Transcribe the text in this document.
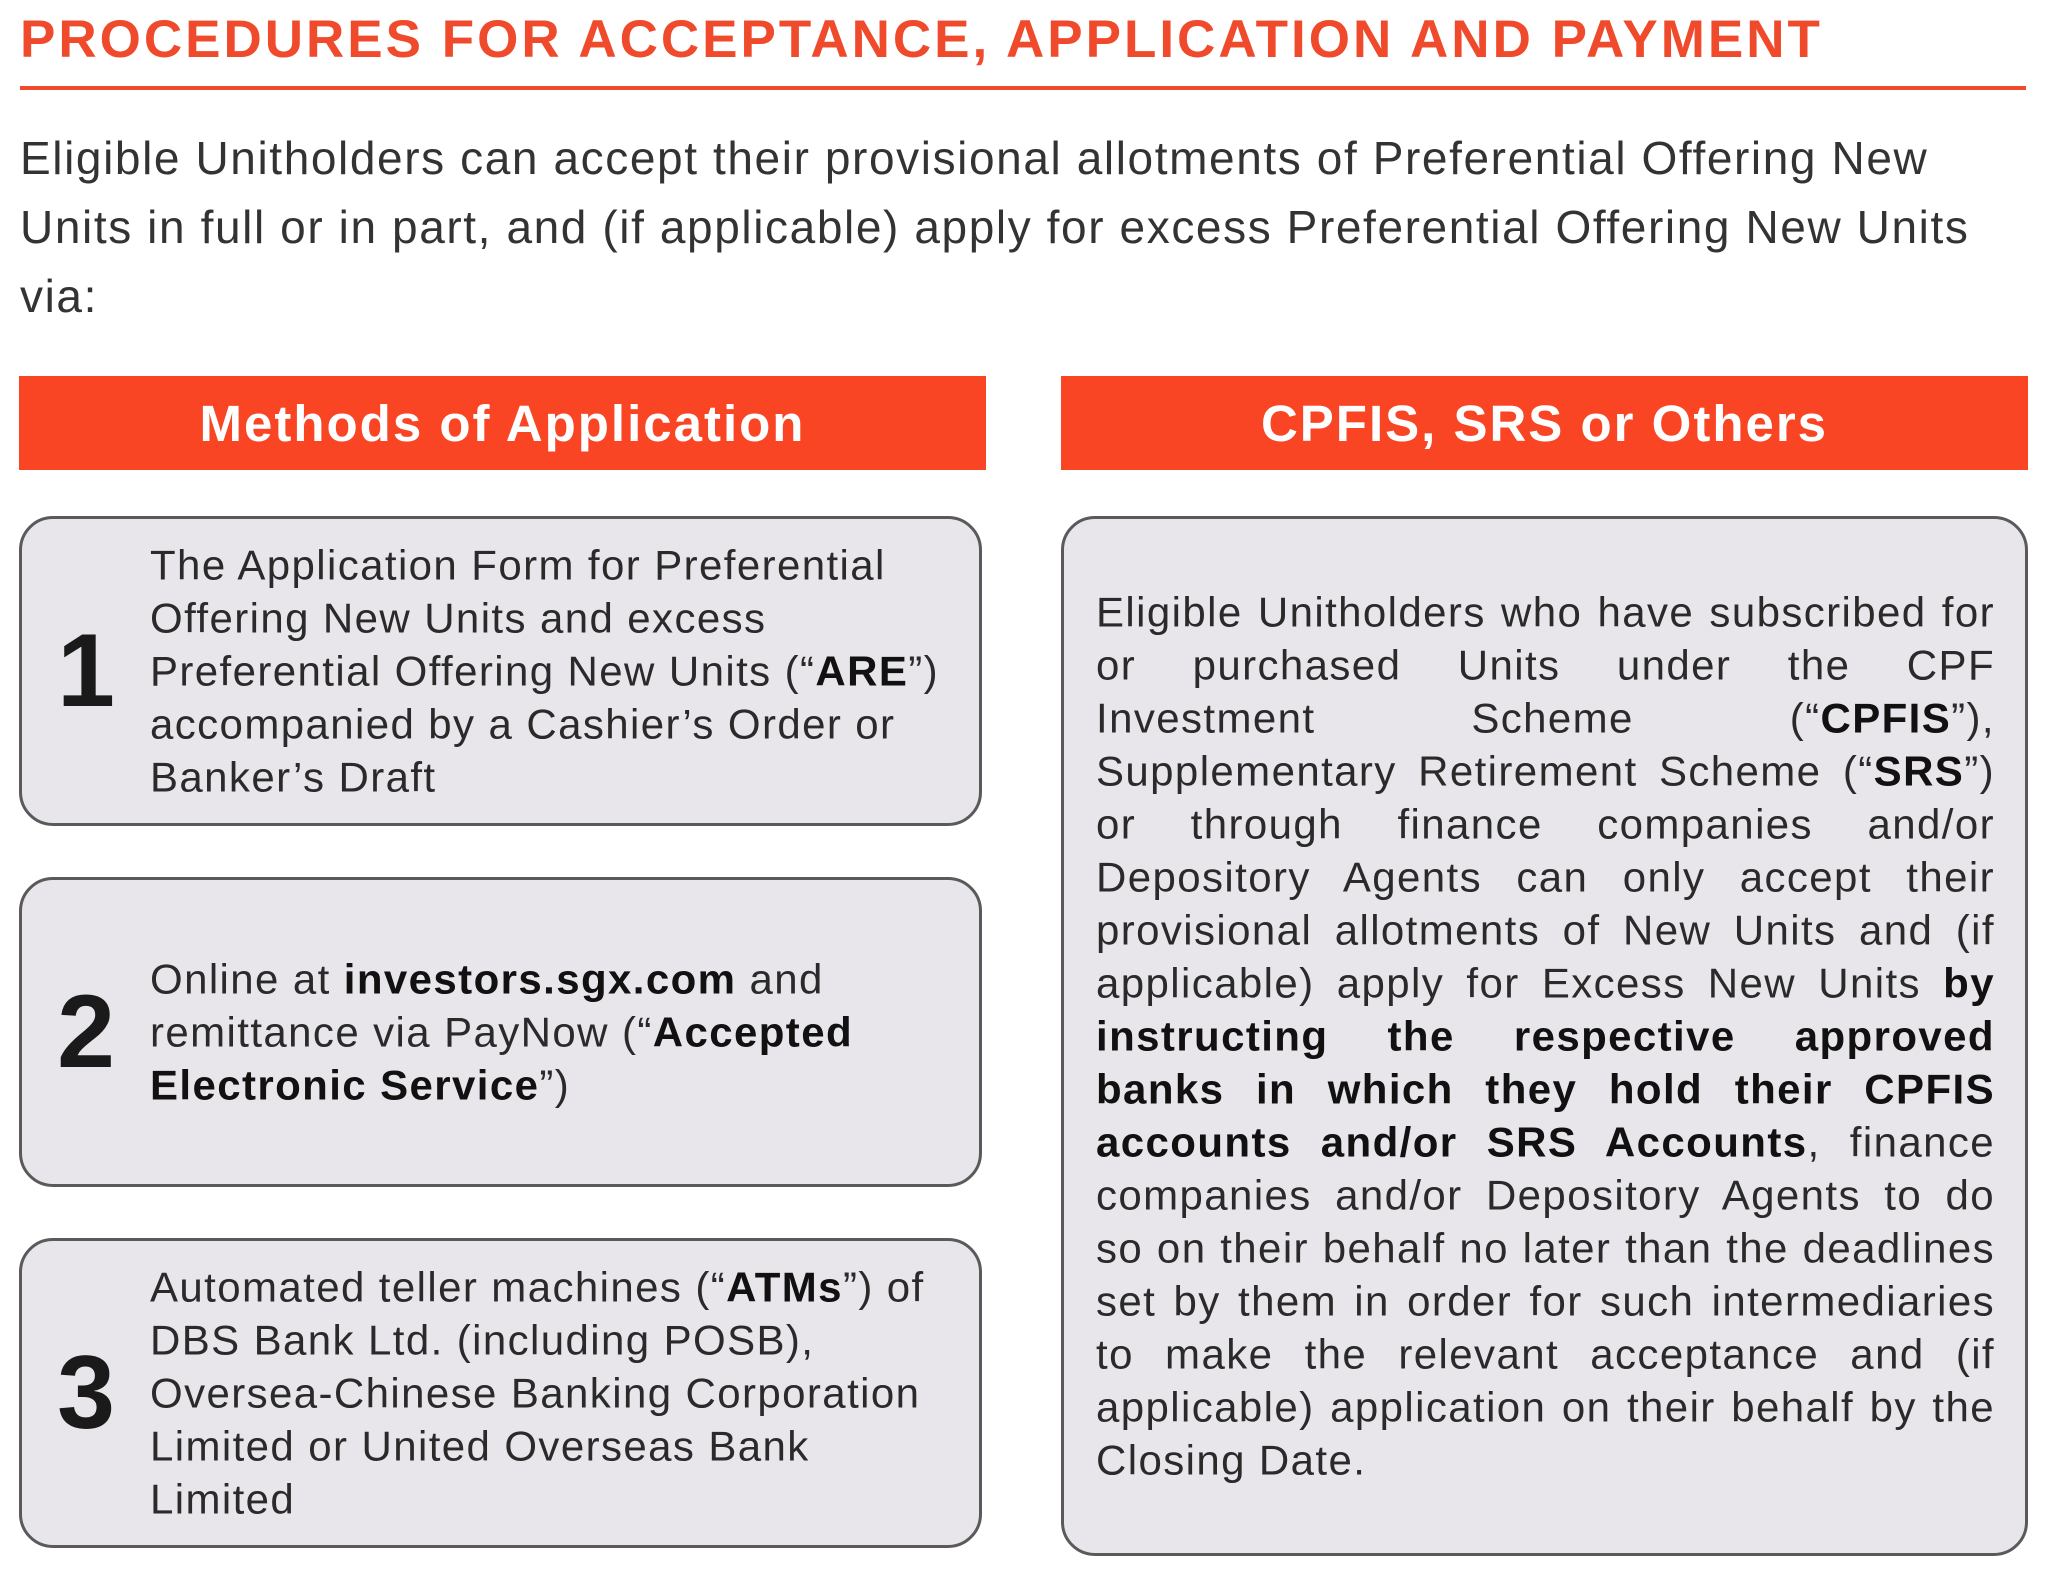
PROCEDURES FOR ACCEPTANCE, APPLICATION AND PAYMENT

Eligible Unitholders can accept their provisional allotments of Preferential Offering New Units in full or in part, and (if applicable) apply for excess Preferential Offering New Units via:

Methods of Application	CPFIS, SRS or Others
1

The Application Form for Preferential Offering New Units and excess Preferential Offering New Units (“ARE”) accompanied by a Cashier’s Order or Banker’s Draft

2 Online at investors.sgx.com and remittance via PayNow (“Accepted Electronic Service”)

3

Automated teller machines (“ATMs”) of DBS Bank Ltd. (including POSB), Oversea-Chinese Banking Corporation Limited or United Overseas Bank Limited

Eligible Unitholders who have subscribed for or purchased Units under the CPF Investment Scheme (“CPFIS”), Supplementary Retirement Scheme (“SRS”) or through finance companies and/or Depository Agents can only accept their provisional allotments of New Units and (if applicable) apply for Excess New Units by instructing the respective approved banks in which they hold their CPFIS accounts and/or SRS Accounts, finance companies and/or Depository Agents to do so on their behalf no later than the deadlines set by them in order for such intermediaries to make the relevant acceptance and (if applicable) application on their behalf by the Closing Date.
